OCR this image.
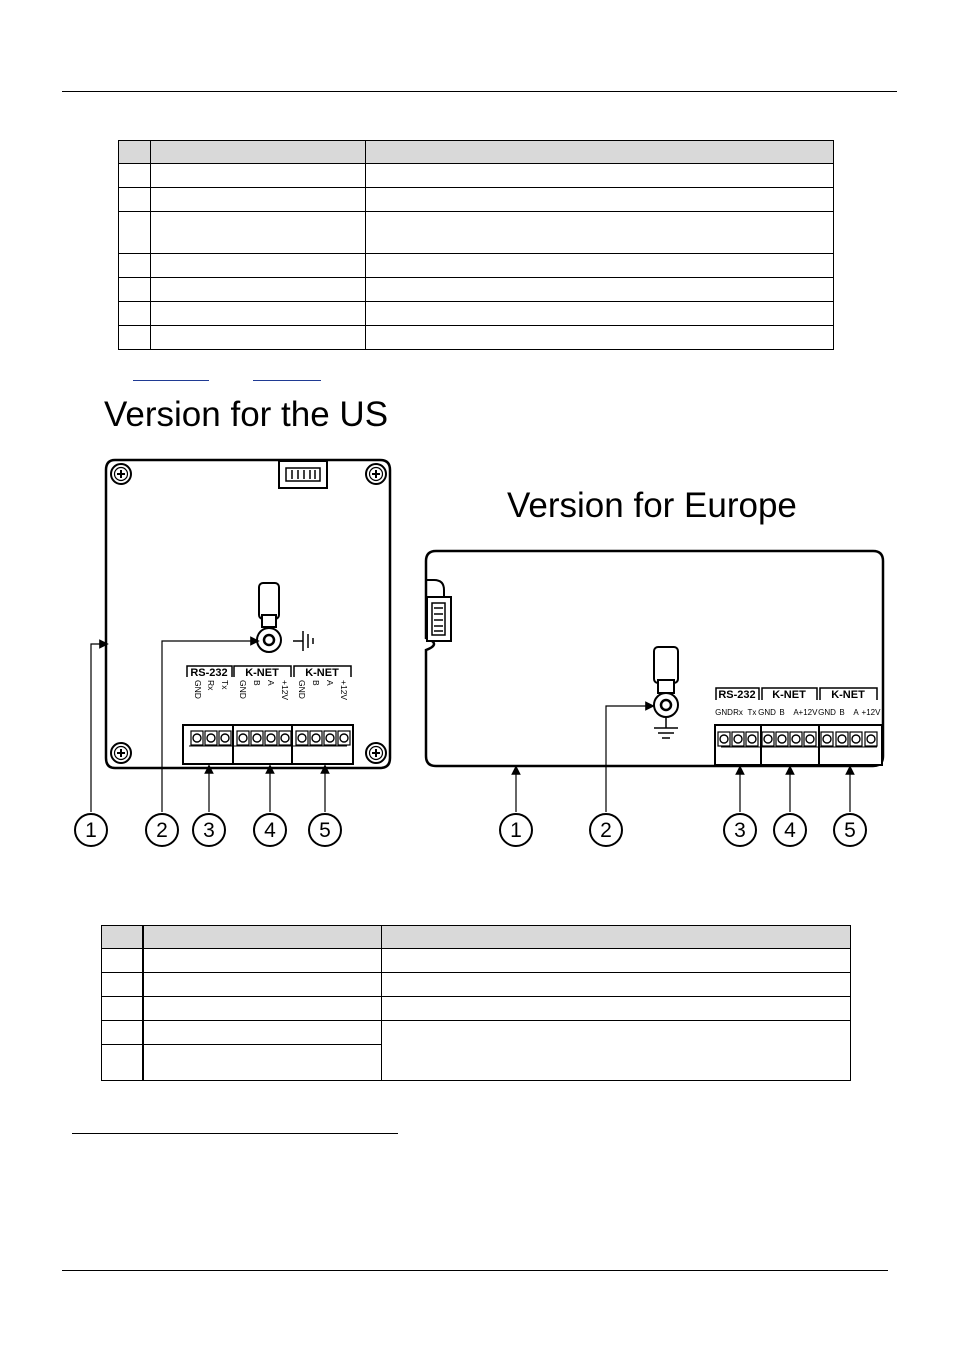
Version for the US
Version for Europe
RS-232 K-NET K-NET
GND Rx Tx GND B A +12V GND B A +12V
1	2 3 4 5
RS-232 K-NET K-NET
GND Rx Tx GND B A +12V GND B A +12V
1	2	3 4 5
